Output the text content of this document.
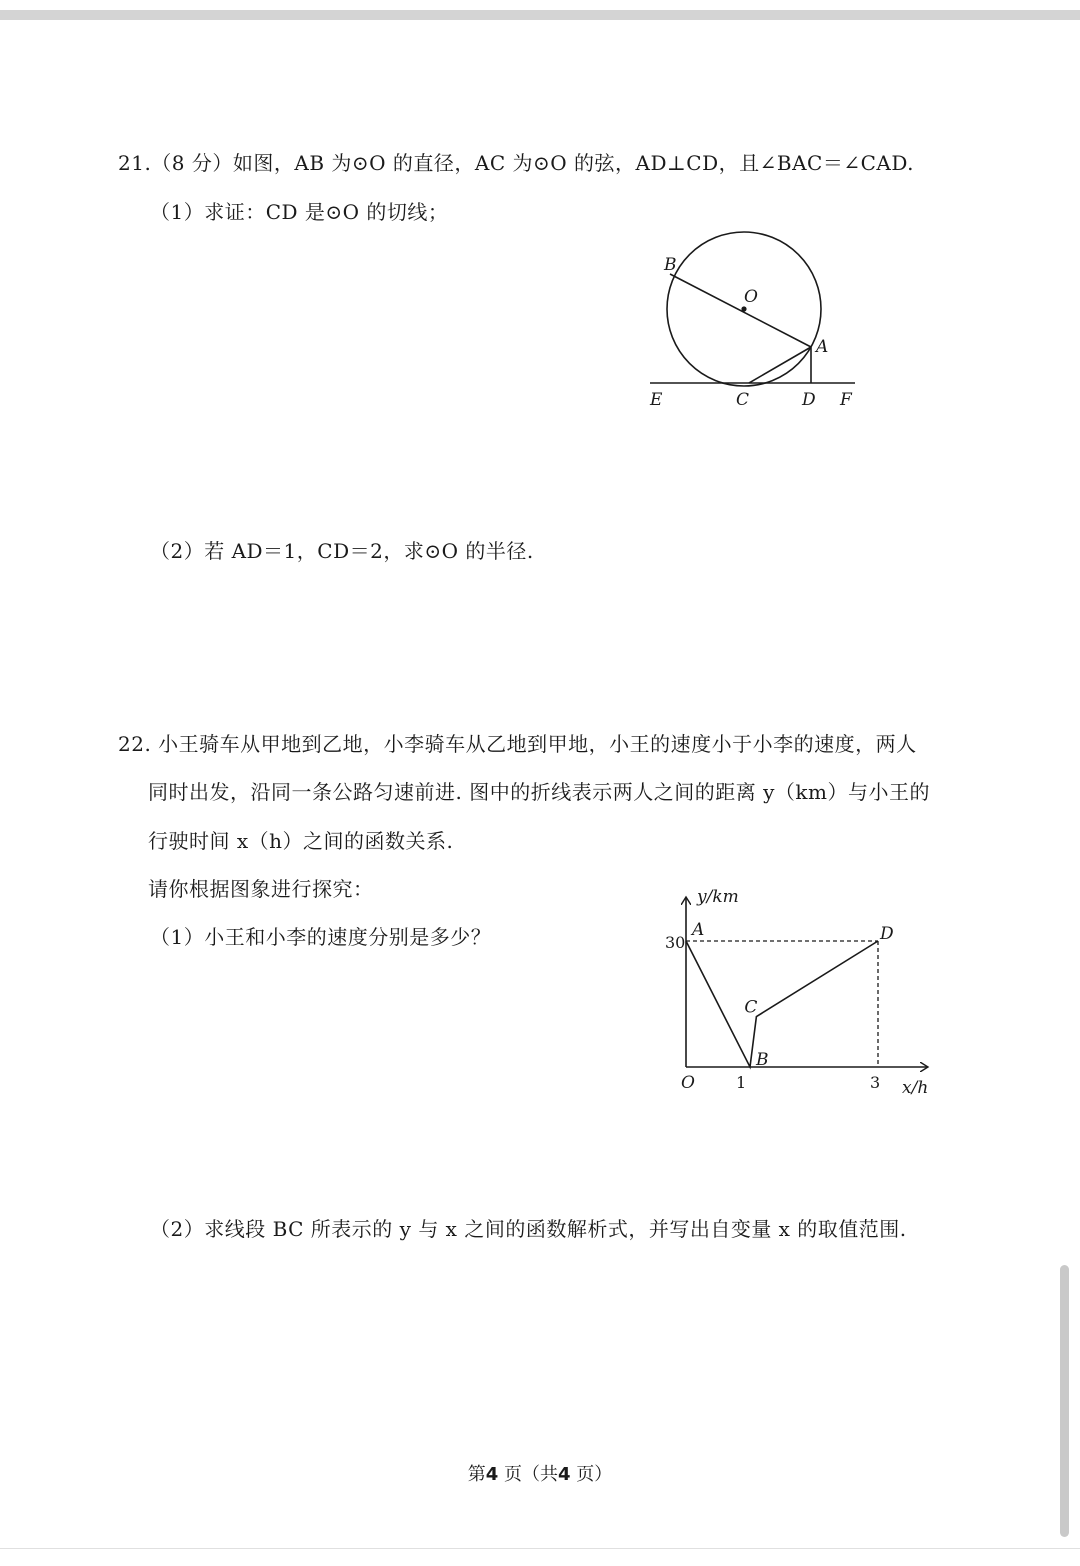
21.（8 分）如图，AB 为⊙O 的直径，AC 为⊙O 的弦，AD⊥CD，且∠BAC＝∠CAD.
（1）求证：CD 是⊙O 的切线；
B
O
A
E	C	D F
（2）若 AD＝1，CD＝2，求⊙O 的半径.
22. 小王骑车从甲地到乙地，小李骑车从乙地到甲地，小王的速度小于小李的速度，两人
同时出发，沿同一条公路匀速前进. 图中的折线表示两人之间的距离 y（km）与小王的
行驶时间 x（h）之间的函数关系.
请你根据图象进行探究：
（1）小王和小李的速度分别是多少？	A
B
C
D
y/km
x/h
O	1	3
30
（2）求线段 BC 所表示的 y 与 x 之间的函数解析式，并写出自变量 x 的取值范围.
第4 页（共4 页）
